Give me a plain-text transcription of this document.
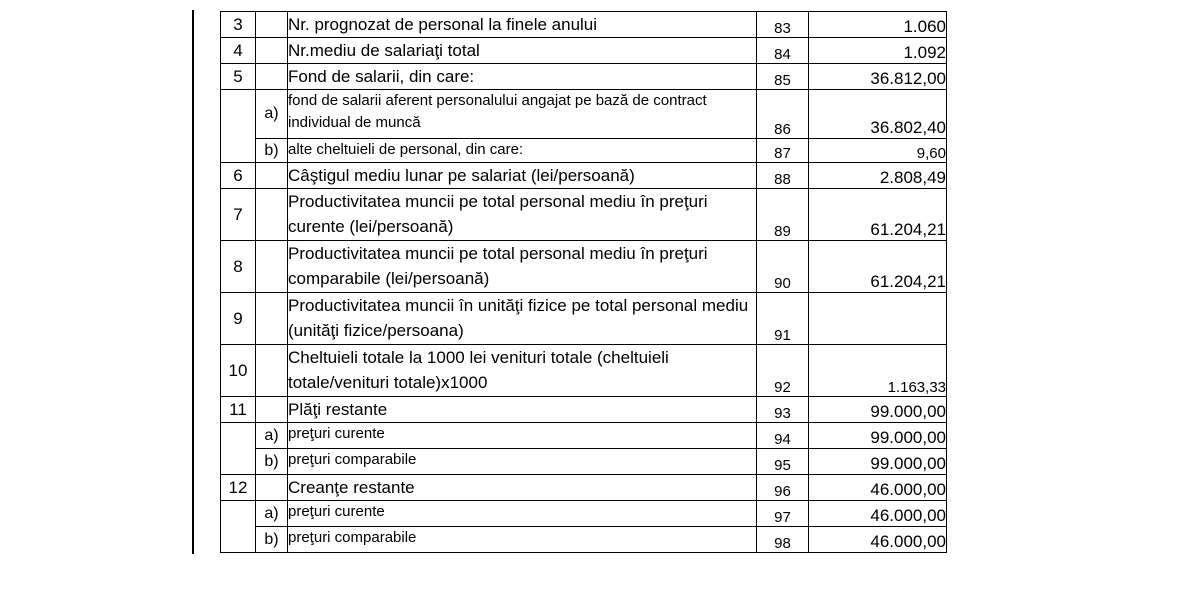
3		Nr. prognozat de personal la finele anului	83	1.060
4		Nr.mediu de salariaţi total	84	1.092
5		Fond de salarii, din care:	85	36.812,00
	a)	fond de salarii aferent personalului angajat pe bază de contract individual de muncă	86	36.802,40
	b)	alte cheltuieli de personal, din care:	87	9,60
6		Câştigul mediu lunar pe salariat (lei/persoană)	88	2.808,49
7		Productivitatea muncii pe total personal mediu în preţuri curente (lei/persoană)	89	61.204,21
8		Productivitatea muncii pe total personal mediu în preţuri comparabile (lei/persoană)	90	61.204,21
9		Productivitatea muncii în unităţi fizice pe total personal mediu (unităţi fizice/persoana)	91	
10		Cheltuieli totale la 1000 lei venituri totale (cheltuieli totale/venituri totale)x1000	92	1.163,33
11		Plăţi restante	93	99.000,00
	a)	preţuri curente	94	99.000,00
	b)	preţuri comparabile	95	99.000,00
12		Creanţe restante	96	46.000,00
	a)	preţuri curente	97	46.000,00
	b)	preţuri comparabile	98	46.000,00
